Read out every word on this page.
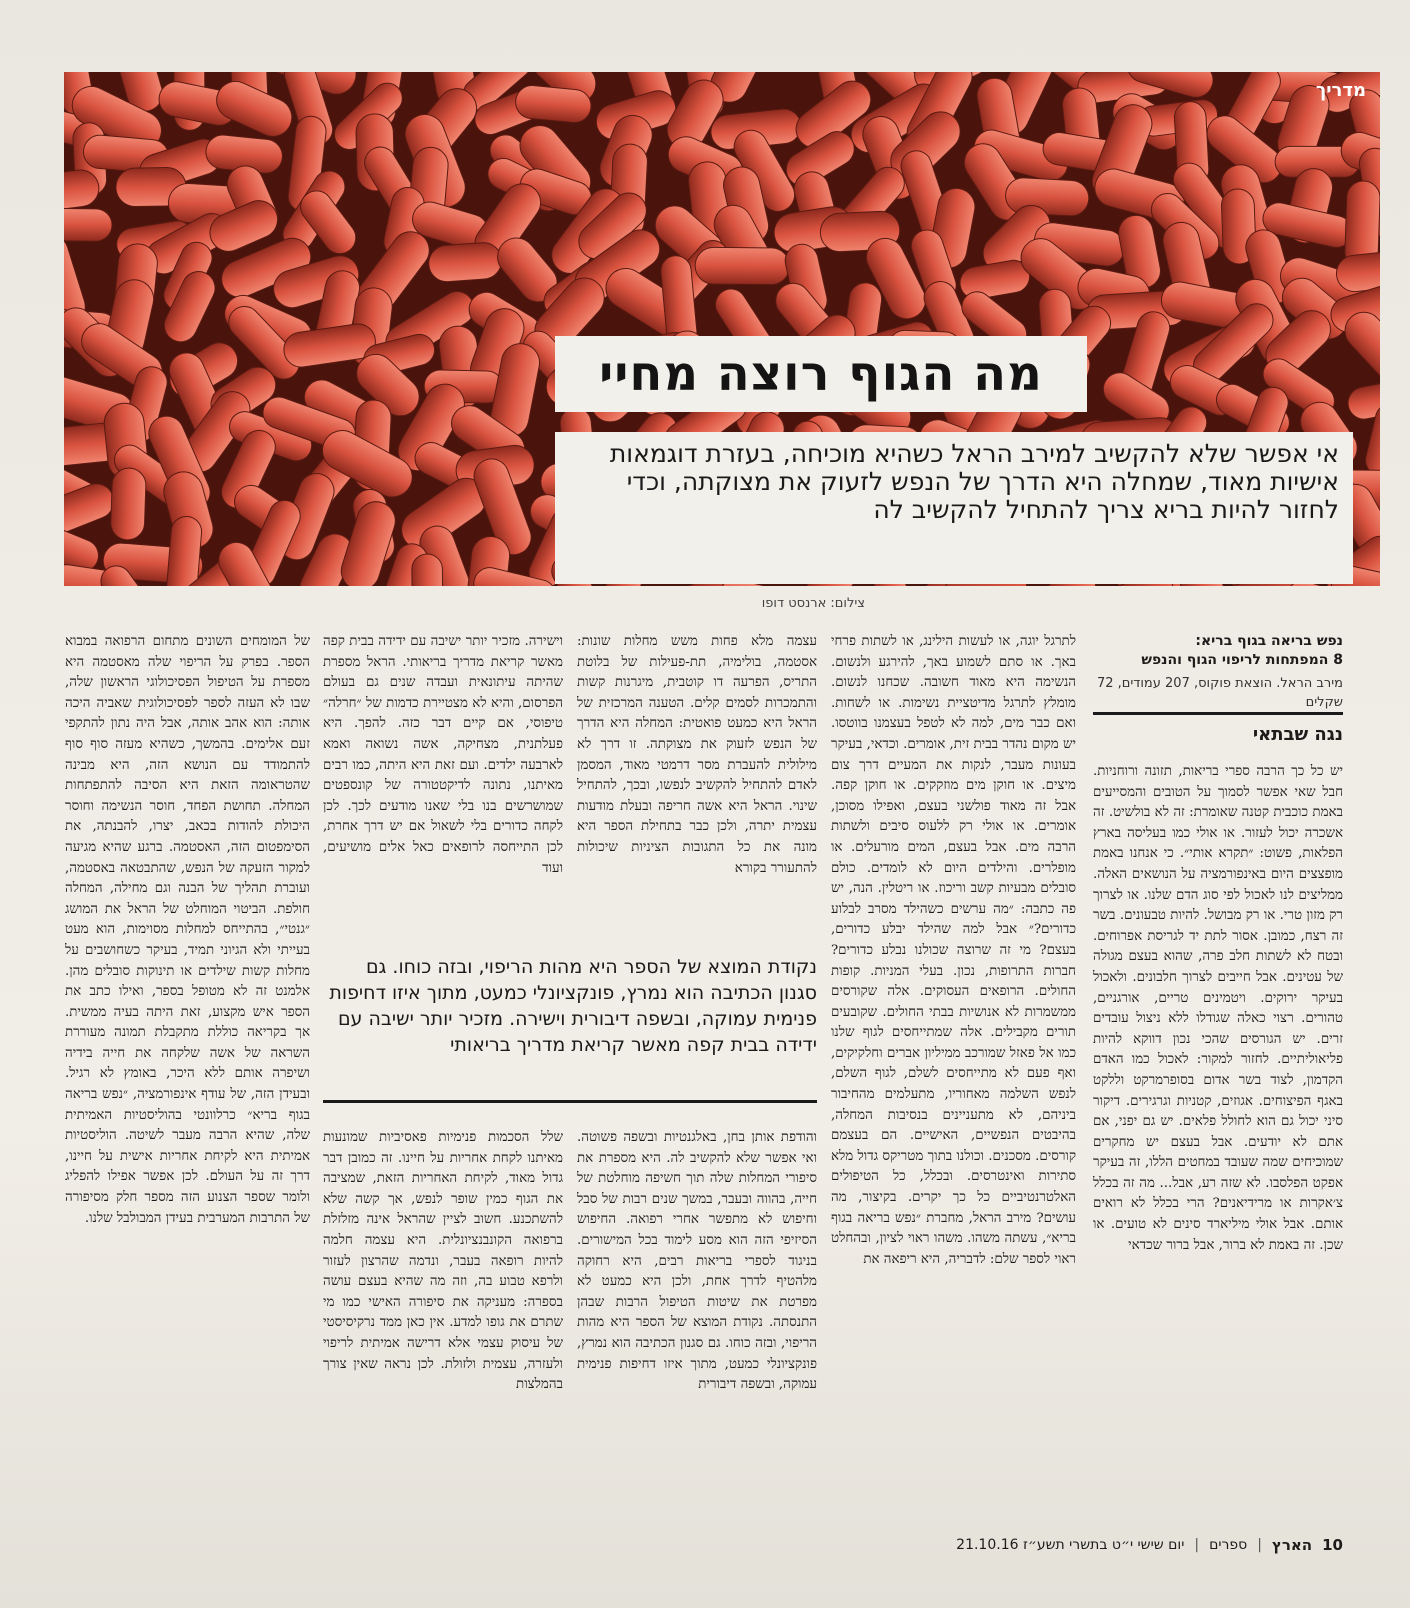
מדריך
מה הגוף רוצה מחיי
אי אפשר שלא להקשיב למירב הראל כשהיא מוכיחה, בעזרת דוגמאות אישיות מאוד, שמחלה היא הדרך של הנפש לזעוק את מצוקתה, וכדי לחזור להיות בריא צריך להתחיל להקשיב לה
צילום: ארנסט דופו
נפש בריאה בגוף בריא:
8 המפתחות לריפוי הגוף והנפש
מירב הראל. הוצאת פוקוס, 207 עמודים, 72 שקלים
נגה שבתאי

יש כל כך הרבה ספרי בריאות, תזונה ורוחניות. חבל שאי אפשר לסמוך על הטובים והמסייעים באמת כוכבית קטנה שאומרת: זה לא בולשיט. זה אשכרה יכול לעזור. או אולי כמו בעליסה בארץ הפלאות, פשוט: ״תקרא אותי״. כי אנחנו באמת מופצצים היום באינפורמציה על הנושאים האלה. ממליצים לנו לאכול לפי סוג הדם שלנו. או לצרוך רק מזון טרי. או רק מבושל. להיות טבעונים. בשר זה רצח, כמובן. אסור לתת יד לגריסת אפרוחים. ובטח לא לשתות חלב פרה, שהוא בעצם מגולה של עטינים. אבל חייבים לצרוך חלבונים. ולאכול בעיקר ירוקים. ויטמינים טריים, אורגניים, טהורים. רצוי כאלה שגודלו ללא ניצול עובדים זרים. יש הגורסים שהכי נכון דווקא להיות פליאוליתיים. לחזור למקור: לאכול כמו האדם הקדמון, לצוד בשר אדום בסופרמרקט וללקט באגף הפיצוחים. אגוזים, קטניות וגרגירים. דיקור סיני יכול גם הוא לחולל פלאים. יש גם יפני, אם אתם לא יודעים. אבל בעצם יש מחקרים שמוכיחים שמה שעובד במחטים הללו, זה בעיקר אפקט הפלסבו. לא שזה רע, אבל... מה זה בכלל צ׳אקרות או מרידיאנים? הרי בכלל לא רואים אותם. אבל אולי מיליארד סינים לא טועים. או שכן. זה באמת לא ברור, אבל ברור שכדאי

לתרגל יוגה, או לעשות הילינג, או לשתות פרחי באך. או סתם לשמוע באך, להירגע ולנשום. הנשימה היא מאוד חשובה. שכחנו לנשום. מומלץ לתרגל מדיטציית נשימות. או לשחות. ואם כבר מים, למה לא לטפל בעצמנו בווטסו. יש מקום נהדר בבית זית, אומרים. וכדאי, בעיקר בעונות מעבר, לנקות את המעיים דרך צום מיצים. או חוקן מים מוזקקים. או חוקן קפה. אבל זה מאוד פולשני בעצם, ואפילו מסוכן, אומרים. או אולי רק ללעוס סיבים ולשתות הרבה מים. אבל בעצם, המים מורעלים. או מופלרים. והילדים היום לא לומדים. כולם סובלים מבעיות קשב וריכוז. או ריטלין. הנה, יש פה כתבה: ״מה ערשים כשהילד מסרב לבלוע כדורים?״ אבל למה שהילד יבלע כדורים, בעצם? מי זה שרוצה שכולנו נבלע כדורים? חברות התרופות, נכון. בעלי המניות. קופות החולים. הרופאים העסוקים. אלה שקורסים ממשמרות לא אנושיות בבתי החולים. שקובעים תורים מקבילים. אלה שמתייחסים לגוף שלנו כמו אל פאזל שמורכב ממיליון אברים וחלקיקים, ואף פעם לא מתייחסים לשלם, לגוף השלם, לנפש השלמה מאחוריו, מתעלמים מהחיבור ביניהם, לא מתעניינים בנסיבות המחלה, בהיבטים הנפשיים, האישיים. הם בעצמם קורסים. מסכנים. וכולנו בתוך מטריקס גדול מלא סתירות ואינטרסים. ובכלל, כל הטיפולים האלטרנטיביים כל כך יקרים. בקיצור, מה עושים? מירב הראל, מחברת ״נפש בריאה בגוף בריא״, עשתה משהו. משהו ראוי לציון, ובהחלט ראוי לספר שלם: לדבריה, היא ריפאה את

עצמה מלא פחות משש מחלות שונות: אסטמה, בולימיה, תת-פעילות של בלוטת התריס, הפרעה דו קוטבית, מיגרנות קשות והתמכרות לסמים קלים. הטענה המרכזית של הראל היא כמעט פואטית: המחלה היא הדרך של הנפש לזעוק את מצוקתה. זו דרך לא מילולית להעברת מסר דרמטי מאוד, המסמן לאדם להתחיל להקשיב לנפשו, ובכך, להתחיל שינוי. הראל היא אשה חריפה ובעלת מודעות עצמית יתרה, ולכן כבר בתחילת הספר היא מונה את כל התגובות הציניות שיכולות להתעורר בקורא

וישירה. מזכיר יותר ישיבה עם ידידה בבית קפה מאשר קריאת מדריך בריאותי. הראל מספרת שהיתה עיתונאית ועבדה שנים גם בעולם הפרסום, והיא לא מצטיירת כדמות של ״חרלה״ טיפוסי, אם קיים דבר כזה. להפך. היא פעלתנית, מצחיקה, אשה נשואה ואמא לארבעה ילדים. ועם זאת היא היתה, כמו רבים מאיתנו, נתונה לדיקטטורה של קונספטים שמושרשים בנו בלי שאנו מודעים לכך. לכן לקחה כדורים בלי לשאול אם יש דרך אחרת, לכן התייחסה לרופאים כאל אלים מושיעים, ועוד

נקודת המוצא של הספר היא מהות הריפוי, ובזה כוחו. גם סגנון הכתיבה הוא נמרץ, פונקציונלי כמעט, מתוך איזו דחיפות פנימית עמוקה, ובשפה דיבורית וישירה. מזכיר יותר ישיבה עם ידידה בבית קפה מאשר קריאת מדריך בריאותי

והודפת אותן בחן, באלגנטיות ובשפה פשוטה. ואי אפשר שלא להקשיב לה. היא מספרת את סיפורי המחלות שלה תוך חשיפה מוחלטת של חייה, בהווה ובעבר, במשך שנים רבות של סבל וחיפוש לא מתפשר אחרי רפואה. החיפוש הסיזיפי הזה הוא מסע לימוד בכל המישורים. בניגוד לספרי בריאות רבים, היא רחוקה מלהטיף לדרך אחת, ולכן היא כמעט לא מפרטת את שיטות הטיפול הרבות שבהן התנסתה. נקודת המוצא של הספר היא מהות הריפוי, ובזה כוחו. גם סגנון הכתיבה הוא נמרץ, פונקציונלי כמעט, מתוך איזו דחיפות פנימית עמוקה, ובשפה דיבורית

שלל הסכמות פנימיות פאסיביות שמונעות מאיתנו לקחת אחריות על חיינו. זה כמובן דבר גדול מאוד, לקיחת האחריות הזאת, שמציבה את הגוף כמין שופר לנפש, אך קשה שלא להשתכנע. חשוב לציין שהראל אינה מזלזלת ברפואה הקונבנציונלית. היא עצמה חלמה להיות רופאה בעבר, ונדמה שהרצון לעזור ולרפא טבוע בה, וזה מה שהיא בעצם עושה בספרה: מעניקה את סיפורה האישי כמו מי שתרם את גופו למדע. אין כאן ממד נרקיסיסטי של עיסוק עצמי אלא דרישה אמיתית לריפוי ולעזרה, עצמית ולזולת. לכן נראה שאין צורך בהמלצות

של המומחים השונים מתחום הרפואה במבוא הספר. בפרק על הריפוי שלה מאסטמה היא מספרת על הטיפול הפסיכולוגי הראשון שלה, שבו לא העזה לספר לפסיכולוגית שאביה היכה אותה: הוא אהב אותה, אבל היה נתון להתקפי זעם אלימים. בהמשך, כשהיא מעזה סוף סוף להתמודד עם הנושא הזה, היא מבינה שהטראומה הזאת היא הסיבה להתפתחות המחלה. תחושת הפחד, חוסר הנשימה וחוסר היכולת להודות בכאב, יצרו, להבנתה, את הסימפטום הזה, האסטמה. ברגע שהיא מגיעה למקור הזעקה של הנפש, שהתבטאה באסטמה, ועוברת תהליך של הבנה וגם מחילה, המחלה חולפת. הביטוי המוחלט של הראל את המושג ״גנטי״, בהתייחס למחלות מסוימות, הוא מעט בעייתי ולא הגיוני תמיד, בעיקר כשחושבים על מחלות קשות שילדים או תינוקות סובלים מהן. אלמנט זה לא מטופל בספר, ואילו כתב את הספר איש מקצוע, זאת היתה בעיה ממשית. אך בקריאה כוללת מתקבלת תמונה מעוררת השראה של אשה שלקחה את חייה בידיה ושיפרה אותם ללא היכר, באומץ לא רגיל. ובעידן הזה, של עודף אינפורמציה, ״נפש בריאה בגוף בריא״ כרלוונטי בהוליסטיות האמיתית שלה, שהיא הרבה מעבר לשיטה. הוליסטיות אמיתית היא לקיחת אחריות אישית על חיינו, דרך זה על העולם. לכן אפשר אפילו להפליג ולומר שספר הצנוע הזה מספר חלק מסיפורה של התרבות המערבית בעידן המבולבל שלנו.

10
הארץ
|
ספרים
|
יום שישי י״ט בתשרי תשע״ז 21.10.16
